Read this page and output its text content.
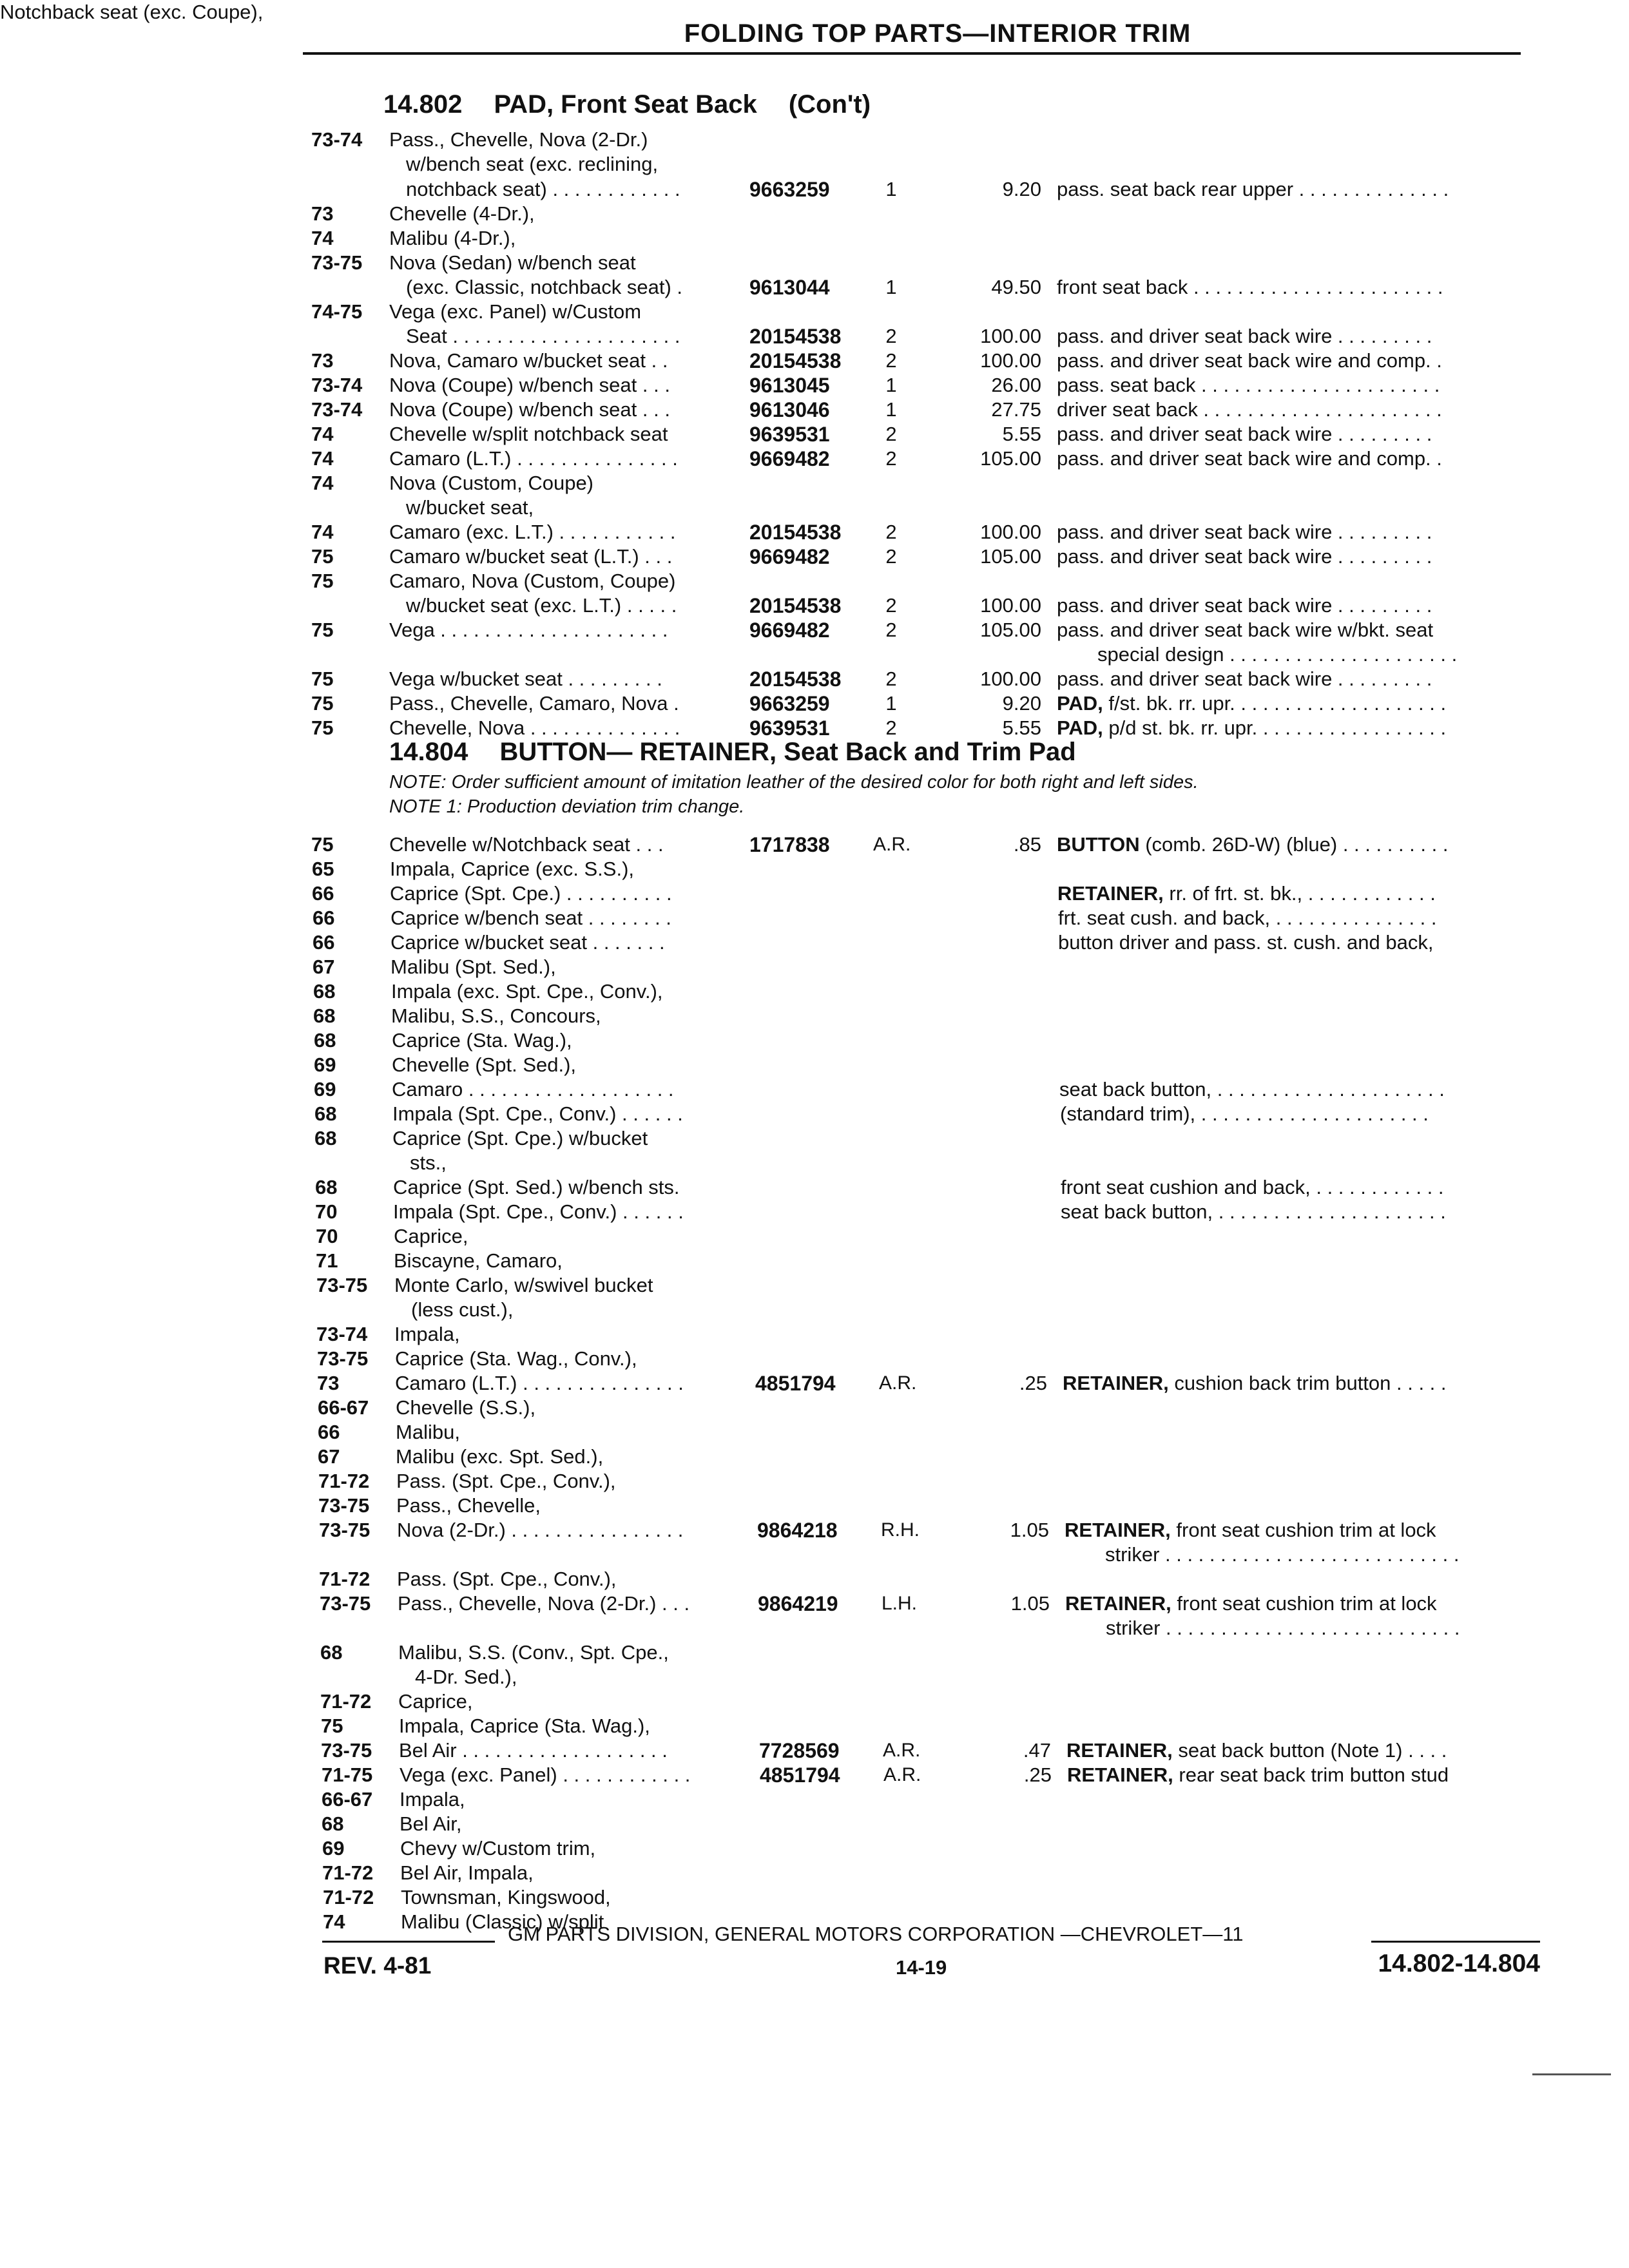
FOLDING TOP PARTS—INTERIOR TRIM
14.802 PAD, Front Seat Back (Con't)
14.804 BUTTON— RETAINER, Seat Back and Trim Pad
NOTE: Order sufficient amount of imitation leather of the desired color for both right and left sides.
NOTE 1: Production deviation trim change.
73-74 Pass., Chevelle, Nova (2-Dr.)
w/bench seat (exc. reclining,
notchback seat) . . . . . . . . . . . .	9663259	1	9.20 pass. seat back rear upper . . . . . . . . . . . . . .
73	Chevelle (4-Dr.),
74	Malibu (4-Dr.),
73-75 Nova (Sedan) w/bench seat
(exc. Classic, notchback seat) .	9613044	1	49.50 front seat back . . . . . . . . . . . . . . . . . . . . . . .
74-75 Vega (exc. Panel) w/Custom
Seat . . . . . . . . . . . . . . . . . . . . .	20154538	2	100.00 pass. and driver seat back wire . . . . . . . . .
73	Nova, Camaro w/bucket seat . .	20154538	2	100.00 pass. and driver seat back wire and comp. .
73-74 Nova (Coupe) w/bench seat . . .	9613045	1	26.00 pass. seat back . . . . . . . . . . . . . . . . . . . . . .
73-74 Nova (Coupe) w/bench seat . . .	9613046	1	27.75 driver seat back . . . . . . . . . . . . . . . . . . . . . .
74	Chevelle w/split notchback seat	9639531	2	5.55 pass. and driver seat back wire . . . . . . . . .
74	Camaro (L.T.) . . . . . . . . . . . . . . .	9669482	2	105.00 pass. and driver seat back wire and comp. .
74	Nova (Custom, Coupe)
w/bucket seat,
74	Camaro (exc. L.T.) . . . . . . . . . . .	20154538	2	100.00 pass. and driver seat back wire . . . . . . . . .
75	Camaro w/bucket seat (L.T.) . . .	9669482	2	105.00 pass. and driver seat back wire . . . . . . . . .
75	Camaro, Nova (Custom, Coupe)
w/bucket seat (exc. L.T.) . . . . .	20154538	2	100.00 pass. and driver seat back wire . . . . . . . . .
75	Vega . . . . . . . . . . . . . . . . . . . . .	9669482	2	105.00 pass. and driver seat back wire w/bkt. seat
special design . . . . . . . . . . . . . . . . . . . . .
75	Vega w/bucket seat . . . . . . . . .	20154538	2	100.00 pass. and driver seat back wire . . . . . . . . .
75	Pass., Chevelle, Camaro, Nova .	9663259	1	9.20 PAD, f/st. bk. rr. upr. . . . . . . . . . . . . . . . . . . .
75	Chevelle, Nova . . . . . . . . . . . . . .	9639531	2	5.55 PAD, p/d st. bk. rr. upr. . . . . . . . . . . . . . . . . .
75	Chevelle w/Notchback seat . . .	1717838 A.R.	.85 BUTTON (comb. 26D-W) (blue) . . . . . . . . . .
65	Impala, Caprice (exc. S.S.),
66	Caprice (Spt. Cpe.) . . . . . . . . . .	RETAINER, rr. of frt. st. bk., . . . . . . . . . . . .
66	Caprice w/bench seat . . . . . . . .	frt. seat cush. and back, . . . . . . . . . . . . . . .
66	Caprice w/bucket seat . . . . . . .	button driver and pass. st. cush. and back,
67	Malibu (Spt. Sed.),
68	Impala (exc. Spt. Cpe., Conv.),
68	Malibu, S.S., Concours,
68	Caprice (Sta. Wag.),
69	Chevelle (Spt. Sed.),
69	Camaro . . . . . . . . . . . . . . . . . . .	seat back button, . . . . . . . . . . . . . . . . . . . . .
68	Impala (Spt. Cpe., Conv.) . . . . . .	(standard trim), . . . . . . . . . . . . . . . . . . . . .
68	Caprice (Spt. Cpe.) w/bucket
sts.,
68	Caprice (Spt. Sed.) w/bench sts.	front seat cushion and back, . . . . . . . . . . . .
70	Impala (Spt. Cpe., Conv.) . . . . . .	seat back button, . . . . . . . . . . . . . . . . . . . . .
70	Caprice,
71	Biscayne, Camaro,
73-75 Monte Carlo, w/swivel bucket
(less cust.),
73-74 Impala,
73-75 Caprice (Sta. Wag., Conv.),
73	Camaro (L.T.) . . . . . . . . . . . . . . .	4851794 A.R.	.25 RETAINER, cushion back trim button . . . . .
66-67 Chevelle (S.S.),
66	Malibu,
67	Malibu (exc. Spt. Sed.),
71-72 Pass. (Spt. Cpe., Conv.),
73-75 Pass., Chevelle,
73-75 Nova (2-Dr.) . . . . . . . . . . . . . . . .	9864218 R.H.	1.05 RETAINER, front seat cushion trim at lock
striker . . . . . . . . . . . . . . . . . . . . . . . . . . .
71-72 Pass. (Spt. Cpe., Conv.),
73-75 Pass., Chevelle, Nova (2-Dr.) . . .	9864219 L.H.	1.05 RETAINER, front seat cushion trim at lock
striker . . . . . . . . . . . . . . . . . . . . . . . . . . .
68	Malibu, S.S. (Conv., Spt. Cpe.,
4-Dr. Sed.),
71-72 Caprice,
75	Impala, Caprice (Sta. Wag.),
73-75 Bel Air . . . . . . . . . . . . . . . . . . .	7728569 A.R.	.47 RETAINER, seat back button (Note 1) . . . .
71-75 Vega (exc. Panel) . . . . . . . . . . . .	4851794 A.R.	.25 RETAINER, rear seat back trim button stud
66-67 Impala,
68	Bel Air,
69	Chevy w/Custom trim,
71-72 Bel Air, Impala,
71-72 Townsman, Kingswood,
74	Malibu (Classic) w/split
Notchback seat (exc. Coupe),
GM PARTS DIVISION, GENERAL MOTORS CORPORATION —CHEVROLET—11
REV. 4-81	14-19	14.802-14.804
